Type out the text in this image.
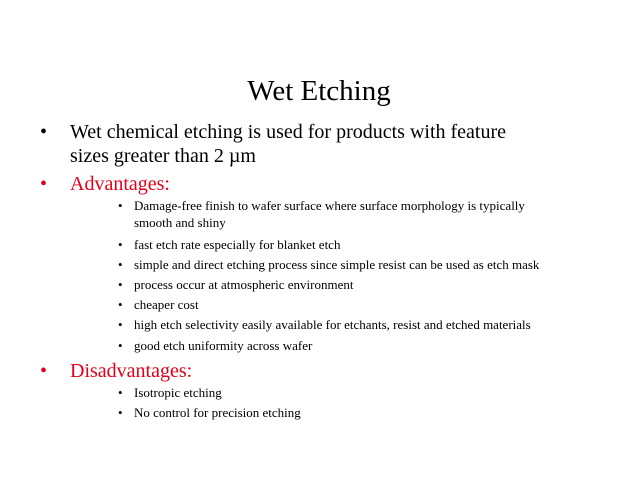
Wet Etching
•	Wet chemical etching is used for products with feature
sizes greater than 2 µm
•	Advantages:
• Damage-free finish to wafer surface where surface morphology is typically
smooth and shiny
• fast etch rate especially for blanket etch
• simple and direct etching process since simple resist can be used as etch mask
• process occur at atmospheric environment
• cheaper cost
• high etch selectivity easily available for etchants, resist and etched materials
• good etch uniformity across wafer
•	Disadvantages:
• Isotropic etching
• No control for precision etching
